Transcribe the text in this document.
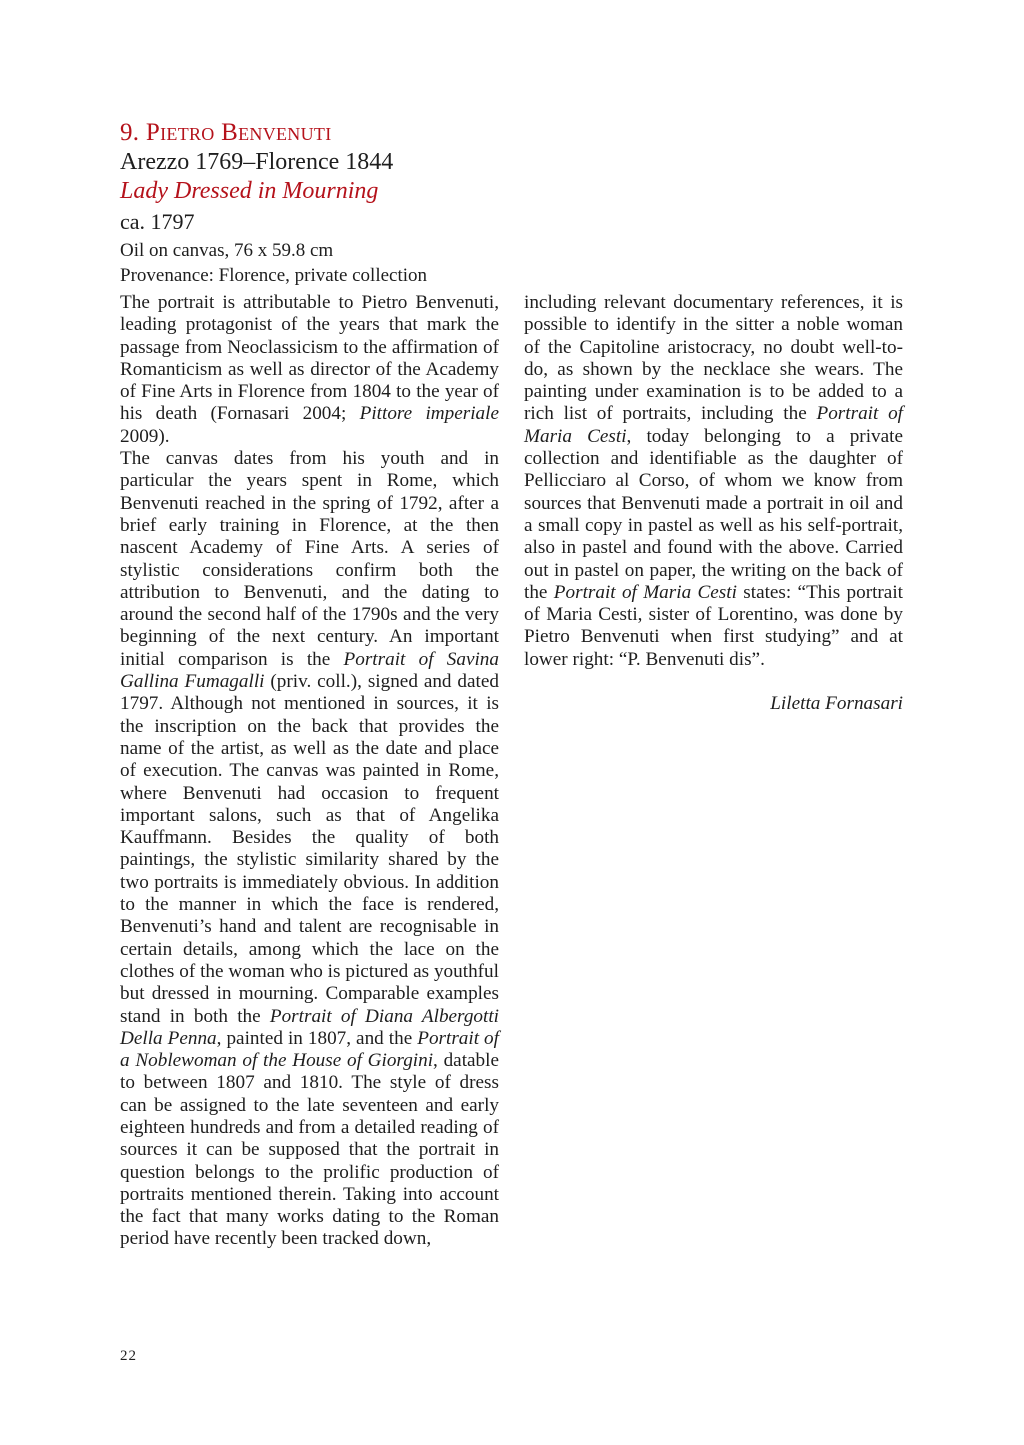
9. Pietro Benvenuti
Arezzo 1769–Florence 1844
Lady Dressed in Mourning
ca. 1797
Oil on canvas, 76 x 59.8 cm
Provenance: Florence, private collection

The portrait is attributable to Pietro Benvenuti, leading protagonist of the years that mark the passage from Neoclassicism to the affirmation of Romanticism as well as director of the Academy of Fine Arts in Florence from 1804 to the year of his death (Fornasari 2004; Pittore imperiale 2009).

The canvas dates from his youth and in particular the years spent in Rome, which Benvenuti reached in the spring of 1792, after a brief early training in Florence, at the then nascent Academy of Fine Arts. A series of stylistic considerations confirm both the attribution to Benvenuti, and the dating to around the second half of the 1790s and the very beginning of the next century. An important initial comparison is the Portrait of Savina Gallina Fumagalli (priv. coll.), signed and dated 1797. Although not mentioned in sources, it is the inscription on the back that provides the name of the artist, as well as the date and place of execution. The canvas was painted in Rome, where Benvenuti had occasion to frequent important salons, such as that of Angelika Kauffmann. Besides the quality of both paintings, the stylistic similarity shared by the two portraits is immediately obvious. In addition to the manner in which the face is rendered, Benvenuti’s hand and talent are recognisable in certain details, among which the lace on the clothes of the woman who is pictured as youthful but dressed in mourning. Comparable examples stand in both the Portrait of Diana Albergotti Della Penna, painted in 1807, and the Portrait of a Noblewoman of the House of Giorgini, datable to between 1807 and 1810. The style of dress can be assigned to the late seventeen and early eighteen hundreds and from a detailed reading of sources it can be supposed that the portrait in question belongs to the prolific production of portraits mentioned therein. Taking into account the fact that many works dating to the Roman period have recently been tracked down,

including relevant documentary references, it is possible to identify in the sitter a noble woman of the Capitoline aristocracy, no doubt well-to-do, as shown by the necklace she wears. The painting under examination is to be added to a rich list of portraits, including the Portrait of Maria Cesti, today belonging to a private collection and identifiable as the daughter of Pellicciaro al Corso, of whom we know from sources that Benvenuti made a portrait in oil and a small copy in pastel as well as his self-portrait, also in pastel and found with the above. Carried out in pastel on paper, the writing on the back of the Portrait of Maria Cesti states: “This portrait of Maria Cesti, sister of Lorentino, was done by Pietro Benvenuti when first studying” and at lower right: “P. Benvenuti dis”.

Liletta Fornasari
22
